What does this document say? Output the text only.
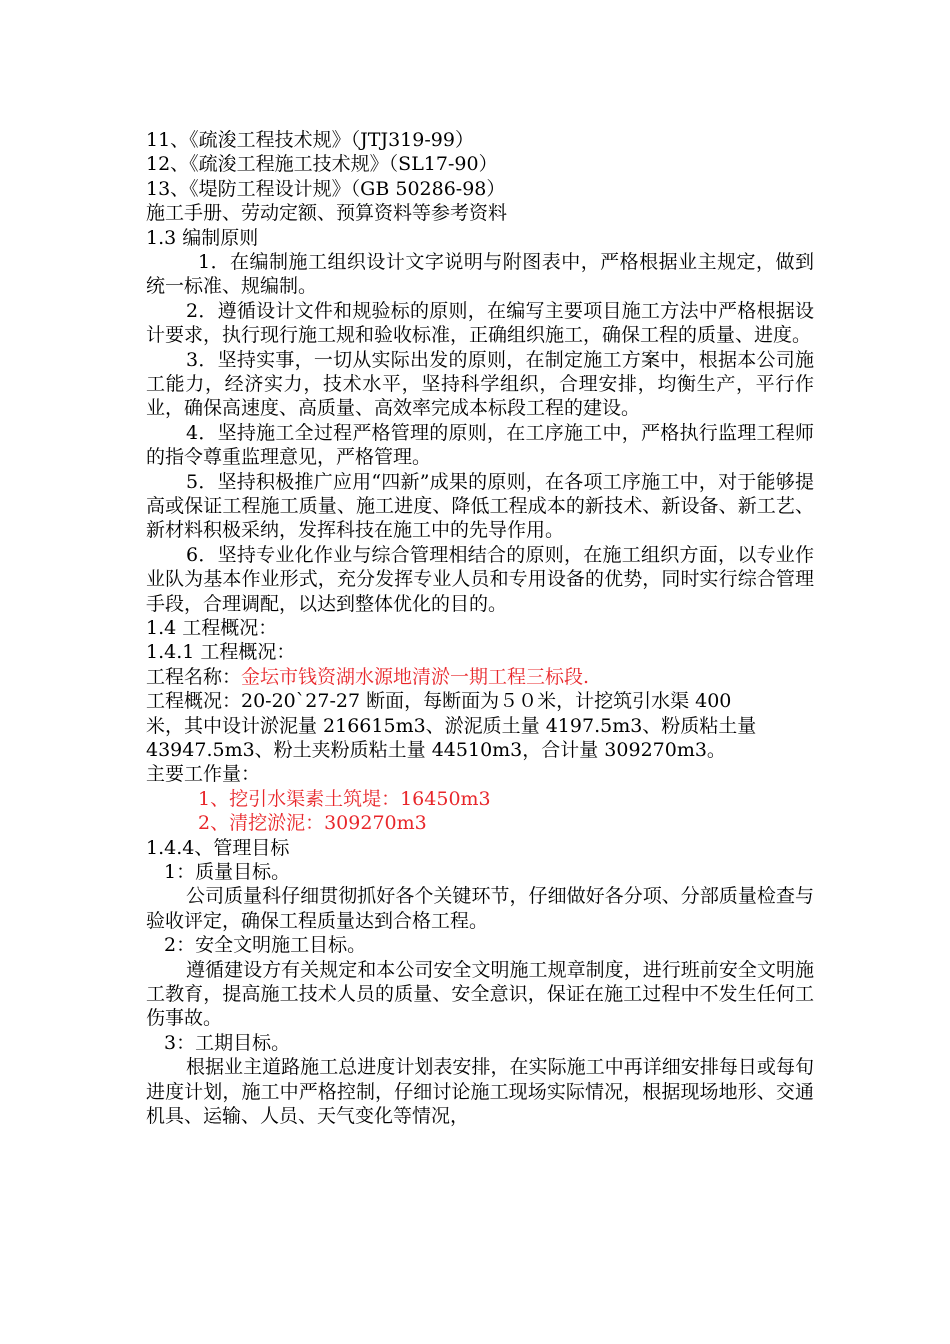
11、《疏浚工程技术规》（JTJ319-99）
12、《疏浚工程施工技术规》（SL17-90）
13、《堤防工程设计规》（GB 50286-98）
施工手册、劳动定额、预算资料等参考资料
1.3 编制原则
1．在编制施工组织设计文字说明与附图表中，严格根据业主规定，做到统一标准、规编制。
2．遵循设计文件和规验标的原则，在编写主要项目施工方法中严格根据设计要求，执行现行施工规和验收标准，正确组织施工，确保工程的质量、进度。
3．坚持实事，一切从实际出发的原则，在制定施工方案中，根据本公司施工能力，经济实力，技术水平，坚持科学组织，合理安排，均衡生产，平行作业，确保高速度、高质量、高效率完成本标段工程的建设。
4．坚持施工全过程严格管理的原则，在工序施工中，严格执行监理工程师的指令尊重监理意见，严格管理。
5．坚持积极推广应用“四新”成果的原则，在各项工序施工中，对于能够提高或保证工程施工质量、施工进度、降低工程成本的新技术、新设备、新工艺、新材料积极采纳，发挥科技在施工中的先导作用。
6．坚持专业化作业与综合管理相结合的原则，在施工组织方面，以专业作业队为基本作业形式，充分发挥专业人员和专用设备的优势，同时实行综合管理手段，合理调配，以达到整体优化的目的。
1.4 工程概况：
1.4.1 工程概况：
工程名称：金坛市钱资湖水源地清淤一期工程三标段.
工程概况：20-20`27-27 断面，每断面为５０米，计挖筑引水渠 400
米，其中设计淤泥量 216615m3、淤泥质土量 4197.5m3、粉质粘土量
43947.5m3、粉土夹粉质粘土量 44510m3，合计量 309270m3。
主要工作量：
1、挖引水渠素土筑堤：16450m3
2、清挖淤泥：309270m3
1.4.4、管理目标
1：质量目标。
公司质量科仔细贯彻抓好各个关键环节，仔细做好各分项、分部质量检查与验收评定，确保工程质量达到合格工程。
2：安全文明施工目标。
遵循建设方有关规定和本公司安全文明施工规章制度，进行班前安全文明施工教育，提高施工技术人员的质量、安全意识，保证在施工过程中不发生任何工伤事故。
3：工期目标。
根据业主道路施工总进度计划表安排，在实际施工中再详细安排每日或每旬进度计划，施工中严格控制，仔细讨论施工现场实际情况，根据现场地形、交通机具、运输、人员、天气变化等情况，
